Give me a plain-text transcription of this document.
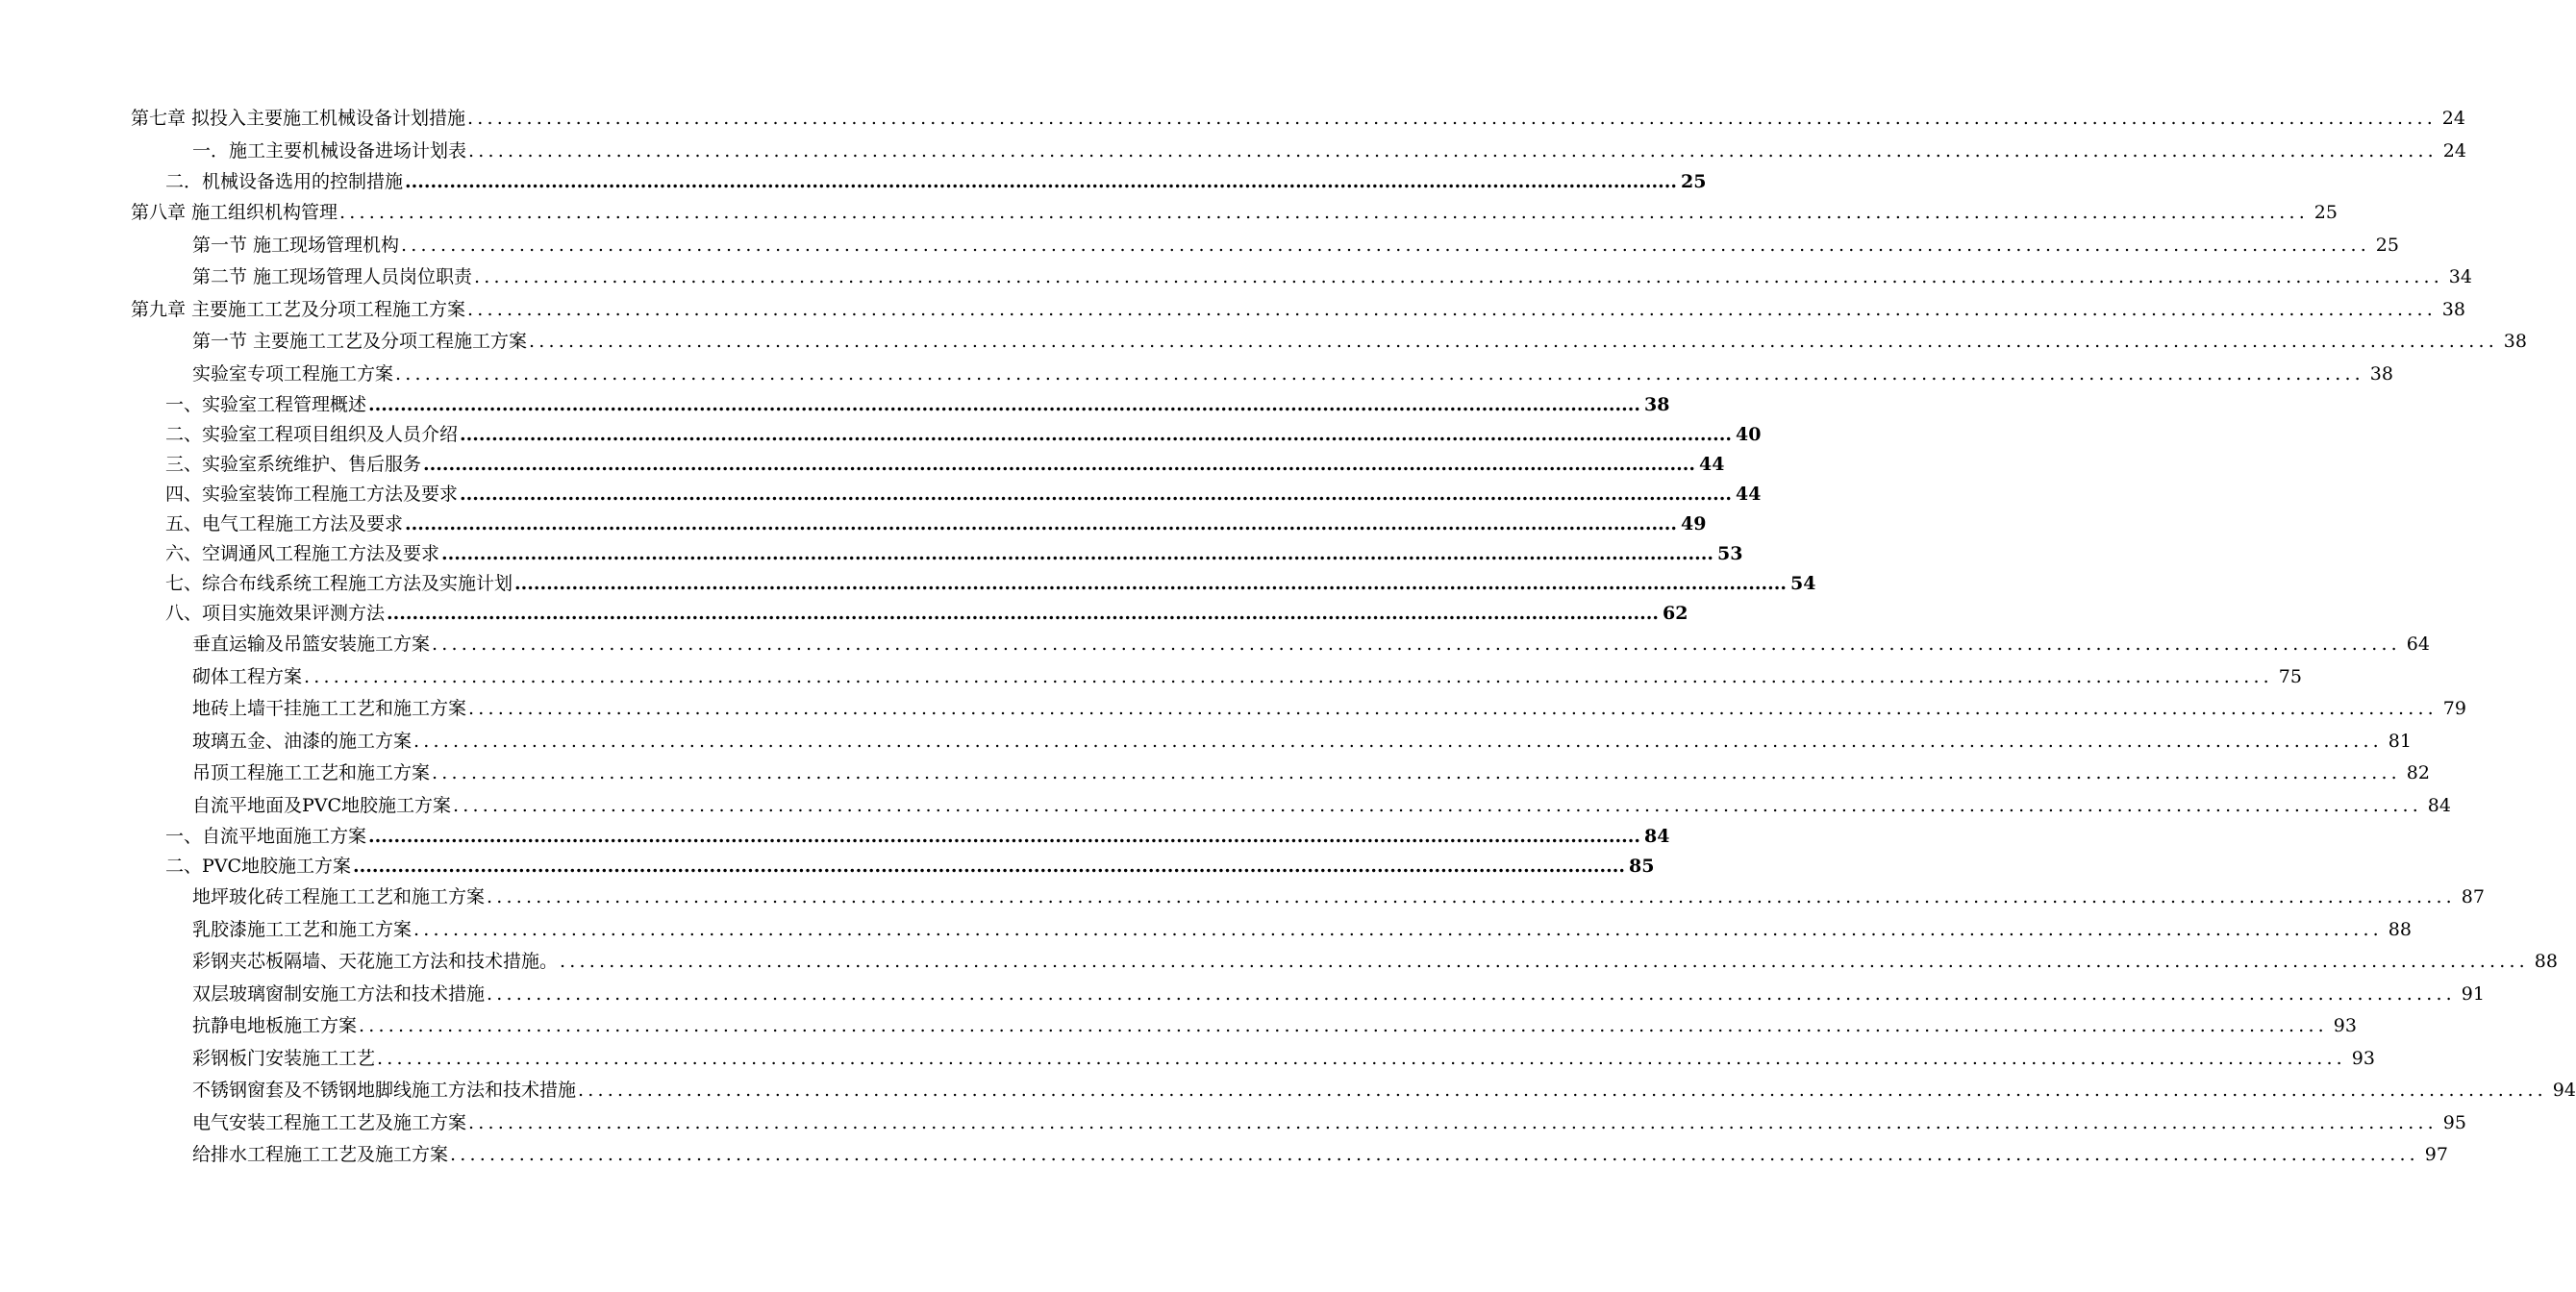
第七章 拟投入主要施工机械设备计划措施 ........................................................................................................................................................................................................ 24
一．施工主要机械设备进场计划表 ........................................................................................................................................................................................................ 24
二．机械设备选用的控制措施 ........................................................................................................................................................................................................ 25
第八章 施工组织机构管理 ........................................................................................................................................................................................................ 25
第一节 施工现场管理机构 ........................................................................................................................................................................................................ 25
第二节 施工现场管理人员岗位职责 ........................................................................................................................................................................................................ 34
第九章 主要施工工艺及分项工程施工方案 ........................................................................................................................................................................................................ 38
第一节 主要施工工艺及分项工程施工方案 ........................................................................................................................................................................................................ 38
实验室专项工程施工方案 ........................................................................................................................................................................................................ 38
一、实验室工程管理概述 ........................................................................................................................................................................................................ 38
二、实验室工程项目组织及人员介绍 ........................................................................................................................................................................................................ 40
三、实验室系统维护、售后服务 ........................................................................................................................................................................................................ 44
四、实验室装饰工程施工方法及要求 ........................................................................................................................................................................................................ 44
五、电气工程施工方法及要求 ........................................................................................................................................................................................................ 49
六、空调通风工程施工方法及要求 ........................................................................................................................................................................................................ 53
七、综合布线系统工程施工方法及实施计划 ........................................................................................................................................................................................................ 54
八、项目实施效果评测方法 ........................................................................................................................................................................................................ 62
垂直运输及吊篮安装施工方案 ........................................................................................................................................................................................................ 64
砌体工程方案 ........................................................................................................................................................................................................ 75
地砖上墙干挂施工工艺和施工方案 ........................................................................................................................................................................................................ 79
玻璃五金、油漆的施工方案 ........................................................................................................................................................................................................ 81
吊顶工程施工工艺和施工方案 ........................................................................................................................................................................................................ 82
自流平地面及PVC地胶施工方案 ........................................................................................................................................................................................................ 84
一、自流平地面施工方案 ........................................................................................................................................................................................................ 84
二、PVC地胶施工方案 ........................................................................................................................................................................................................ 85
地坪玻化砖工程施工工艺和施工方案 ........................................................................................................................................................................................................ 87
乳胶漆施工工艺和施工方案 ........................................................................................................................................................................................................ 88
彩钢夹芯板隔墙、天花施工方法和技术措施。 ........................................................................................................................................................................................................ 88
双层玻璃窗制安施工方法和技术措施 ........................................................................................................................................................................................................ 91
抗静电地板施工方案 ........................................................................................................................................................................................................ 93
彩钢板门安装施工工艺 ........................................................................................................................................................................................................ 93
不锈钢窗套及不锈钢地脚线施工方法和技术措施 ........................................................................................................................................................................................................ 94
电气安装工程施工工艺及施工方案 ........................................................................................................................................................................................................ 95
给排水工程施工工艺及施工方案 ........................................................................................................................................................................................................ 97
